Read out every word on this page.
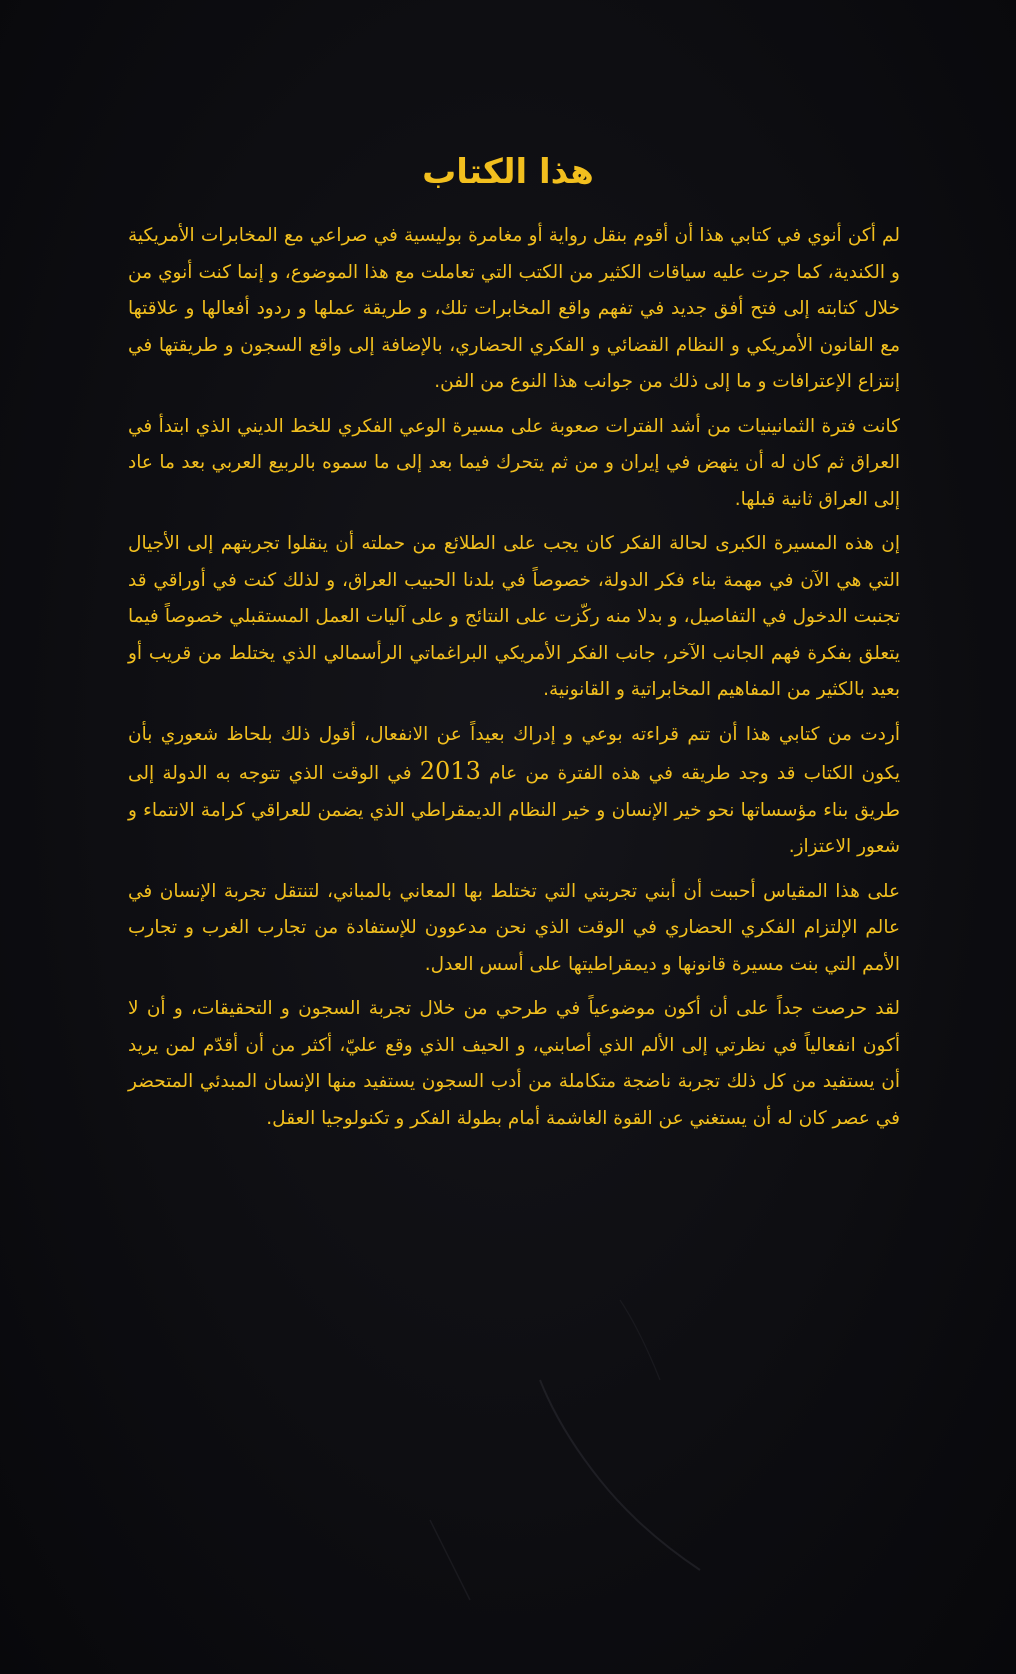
هذا الكتاب

لم أكن أنوي في كتابي هذا أن أقوم بنقل رواية أو مغامرة بوليسية في صراعي مع المخابرات الأمريكية و الكندية، كما جرت عليه سياقات الكثير من الكتب التي تعاملت مع هذا الموضوع، و إنما كنت أنوي من خلال كتابته إلى فتح أفق جديد في تفهم واقع المخابرات تلك، و طريقة عملها و ردود أفعالها و علاقتها مع القانون الأمريكي و النظام القضائي و الفكري الحضاري، بالإضافة إلى واقع السجون و طريقتها في إنتزاع الإعترافات و ما إلى ذلك من جوانب هذا النوع من الفن.

كانت فترة الثمانينيات من أشد الفترات صعوبة على مسيرة الوعي الفكري للخط الديني الذي ابتدأ في العراق ثم كان له أن ينهض في إيران و من ثم يتحرك فيما بعد إلى ما سموه بالربيع العربي بعد ما عاد إلى العراق ثانية قبلها.

إن هذه المسيرة الكبرى لحالة الفكر كان يجب على الطلائع من حملته أن ينقلوا تجربتهم إلى الأجيال التي هي الآن في مهمة بناء فكر الدولة، خصوصاً في بلدنا الحبيب العراق، و لذلك كنت في أوراقي قد تجنبت الدخول في التفاصيل، و بدلا منه ركّزت على النتائج و على آليات العمل المستقبلي خصوصاً فيما يتعلق بفكرة فهم الجانب الآخر، جانب الفكر الأمريكي البراغماتي الرأسمالي الذي يختلط من قريب أو بعيد بالكثير من المفاهيم المخابراتية و القانونية.

أردت من كتابي هذا أن تتم قراءته بوعي و إدراك بعيداً عن الانفعال، أقول ذلك بلحاظ شعوري بأن يكون الكتاب قد وجد طريقه في هذه الفترة من عام 2013 في الوقت الذي تتوجه به الدولة إلى طريق بناء مؤسساتها نحو خير الإنسان و خير النظام الديمقراطي الذي يضمن للعراقي كرامة الانتماء و شعور الاعتزاز.

على هذا المقياس أحببت أن أبني تجربتي التي تختلط بها المعاني بالمباني، لتنتقل تجربة الإنسان في عالم الإلتزام الفكري الحضاري في الوقت الذي نحن مدعوون للإستفادة من تجارب الغرب و تجارب الأمم التي بنت مسيرة قانونها و ديمقراطيتها على أسس العدل.

لقد حرصت جداً على أن أكون موضوعياً في طرحي من خلال تجربة السجون و التحقيقات، و أن لا أكون انفعالياً في نظرتي إلى الألم الذي أصابني، و الحيف الذي وقع عليّ، أكثر من أن أقدّم لمن يريد أن يستفيد من كل ذلك تجربة ناضجة متكاملة من أدب السجون يستفيد منها الإنسان المبدئي المتحضر في عصر كان له أن يستغني عن القوة الغاشمة أمام بطولة الفكر و تكنولوجيا العقل.
